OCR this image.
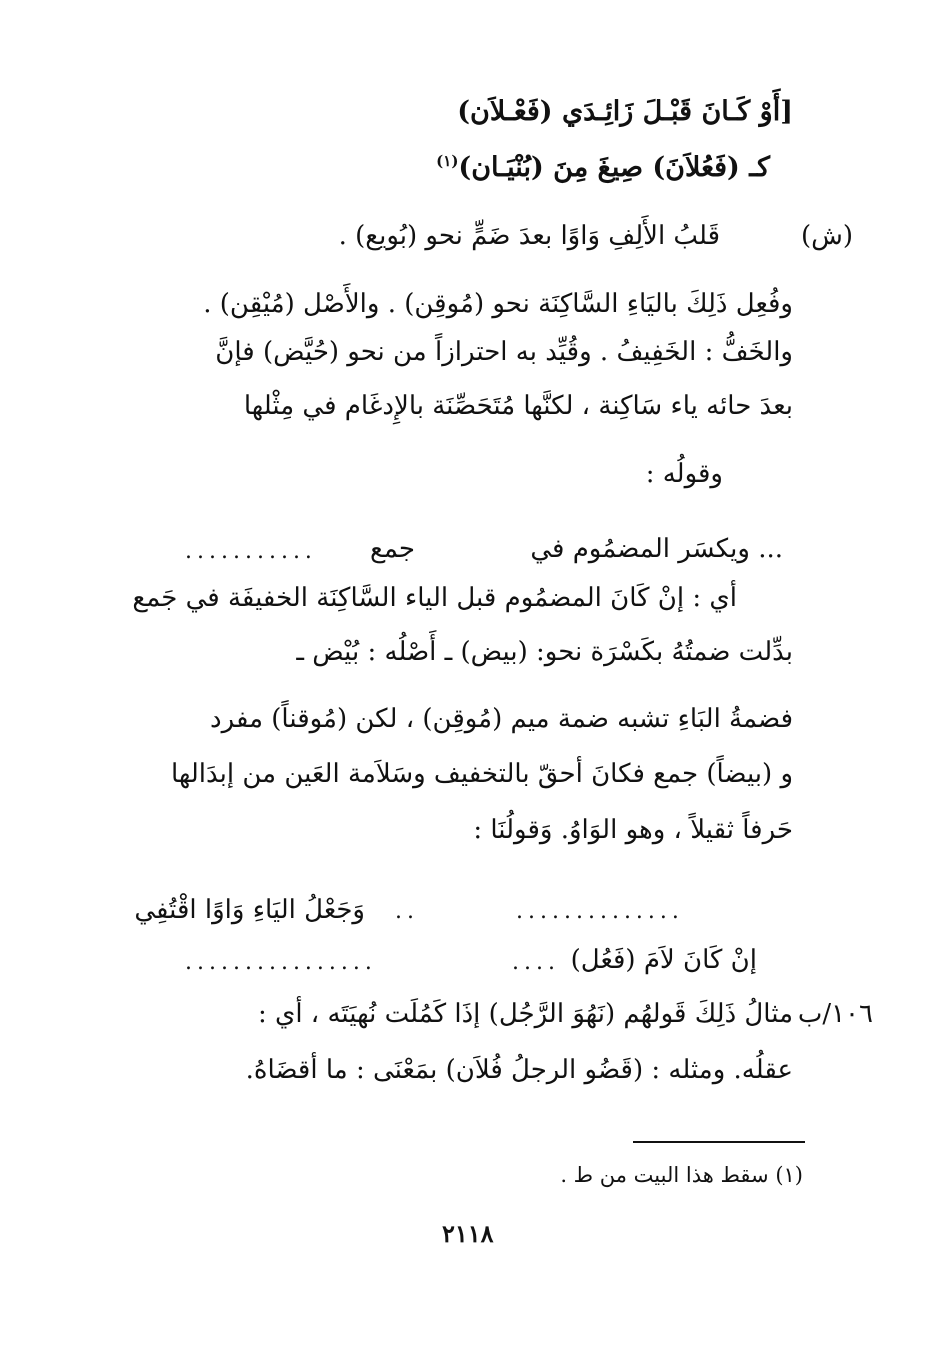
[أَوْ كَـانَ قَبْـلَ زَائِـدَي (فَعْـلاَن)
كـ (فَعُلاَنَ) صِيغَ مِنَ (بُنْيَـان)$^{(١)}$
(ش)
قَلبُ الأَلِفِ وَاوًا بعدَ ضَمٍّ نحو (بُويع) .
وفُعِل ذَلِكَ باليَاءِ السَّاكِنَة نحو (مُوقِن) . والأَصْل (مُيْقِن) .
والخَفُّ : الخَفِيفُ . وقُيِّد به احترازاً من نحو (حُيَّض) فإنَّ
بعدَ حائه ياء سَاكِنة ، لكنَّها مُتَحَصِّنَة بالإِدغَام في مِثْلها
وقولُه :
... ويكسَر المضمُوم في
جمع
...........
أي : إنْ كَانَ المضمُوم قبل الياء السَّاكِنَة الخفيفَة في جَمع
بدِّلت ضمتُهُ بكَسْرَة نحو: (بيض) ـ أَصْلُه : بُيْض ـ
فضمةُ البَاءِ تشبه ضمة ميم (مُوقِن) ، لكن (مُوقناً) مفرد
و (بيضاً) جمع فكانَ أحقّ بالتخفيف وسَلاَمة العَين من إبدَالها
حَرفاً ثقيلاً ، وهو الوَاوُ. وَقولُنَا :
..............
..
وَجَعْلُ اليَاءِ وَاوًا اقْتُفِي
إنْ كَانَ لاَمَ (فَعُل)
....
................
١٠٦/ب
مثالُ ذَلِكَ قَولهُم (نَهُوَ الرَّجُل) إذَا كَمُلَت نُهيَتَه ، أي :
عقلُه. ومثله : (قَضُو الرجلُ فُلاَن) بمَعْنَى : ما أقضَاهُ.
(١) سقط هذا البيت من ط .
٢١١٨
